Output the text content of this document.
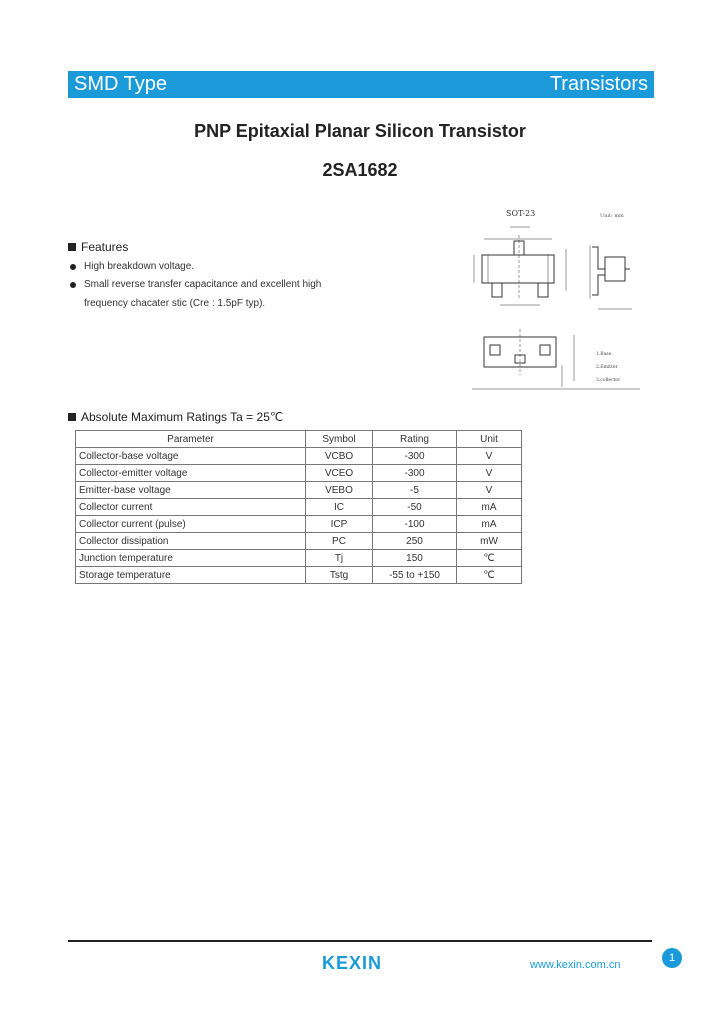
SMD Type	Transistors
PNP Epitaxial Planar Silicon Transistor
2SA1682
Features
High breakdown voltage.
Small reverse transfer capacitance and excellent high
frequency chacater stic (Cre : 1.5pF typ).
SOT-23	Unit: mm
1.Base
2.Emitter
3.collector
Absolute Maximum Ratings Ta = 25℃
Parameter	Symbol	Rating	Unit
Collector-base voltage	VCBO	-300	V
Collector-emitter voltage	VCEO	-300	V
Emitter-base voltage	VEBO	-5	V
Collector current	IC	-50	mA
Collector current (pulse)	ICP	-100	mA
Collector dissipation	PC	250	mW
Junction temperature	Tj	150	℃
Storage temperature	Tstg	-55 to +150	℃
KEXIN	www.kexin.com.cn
1
